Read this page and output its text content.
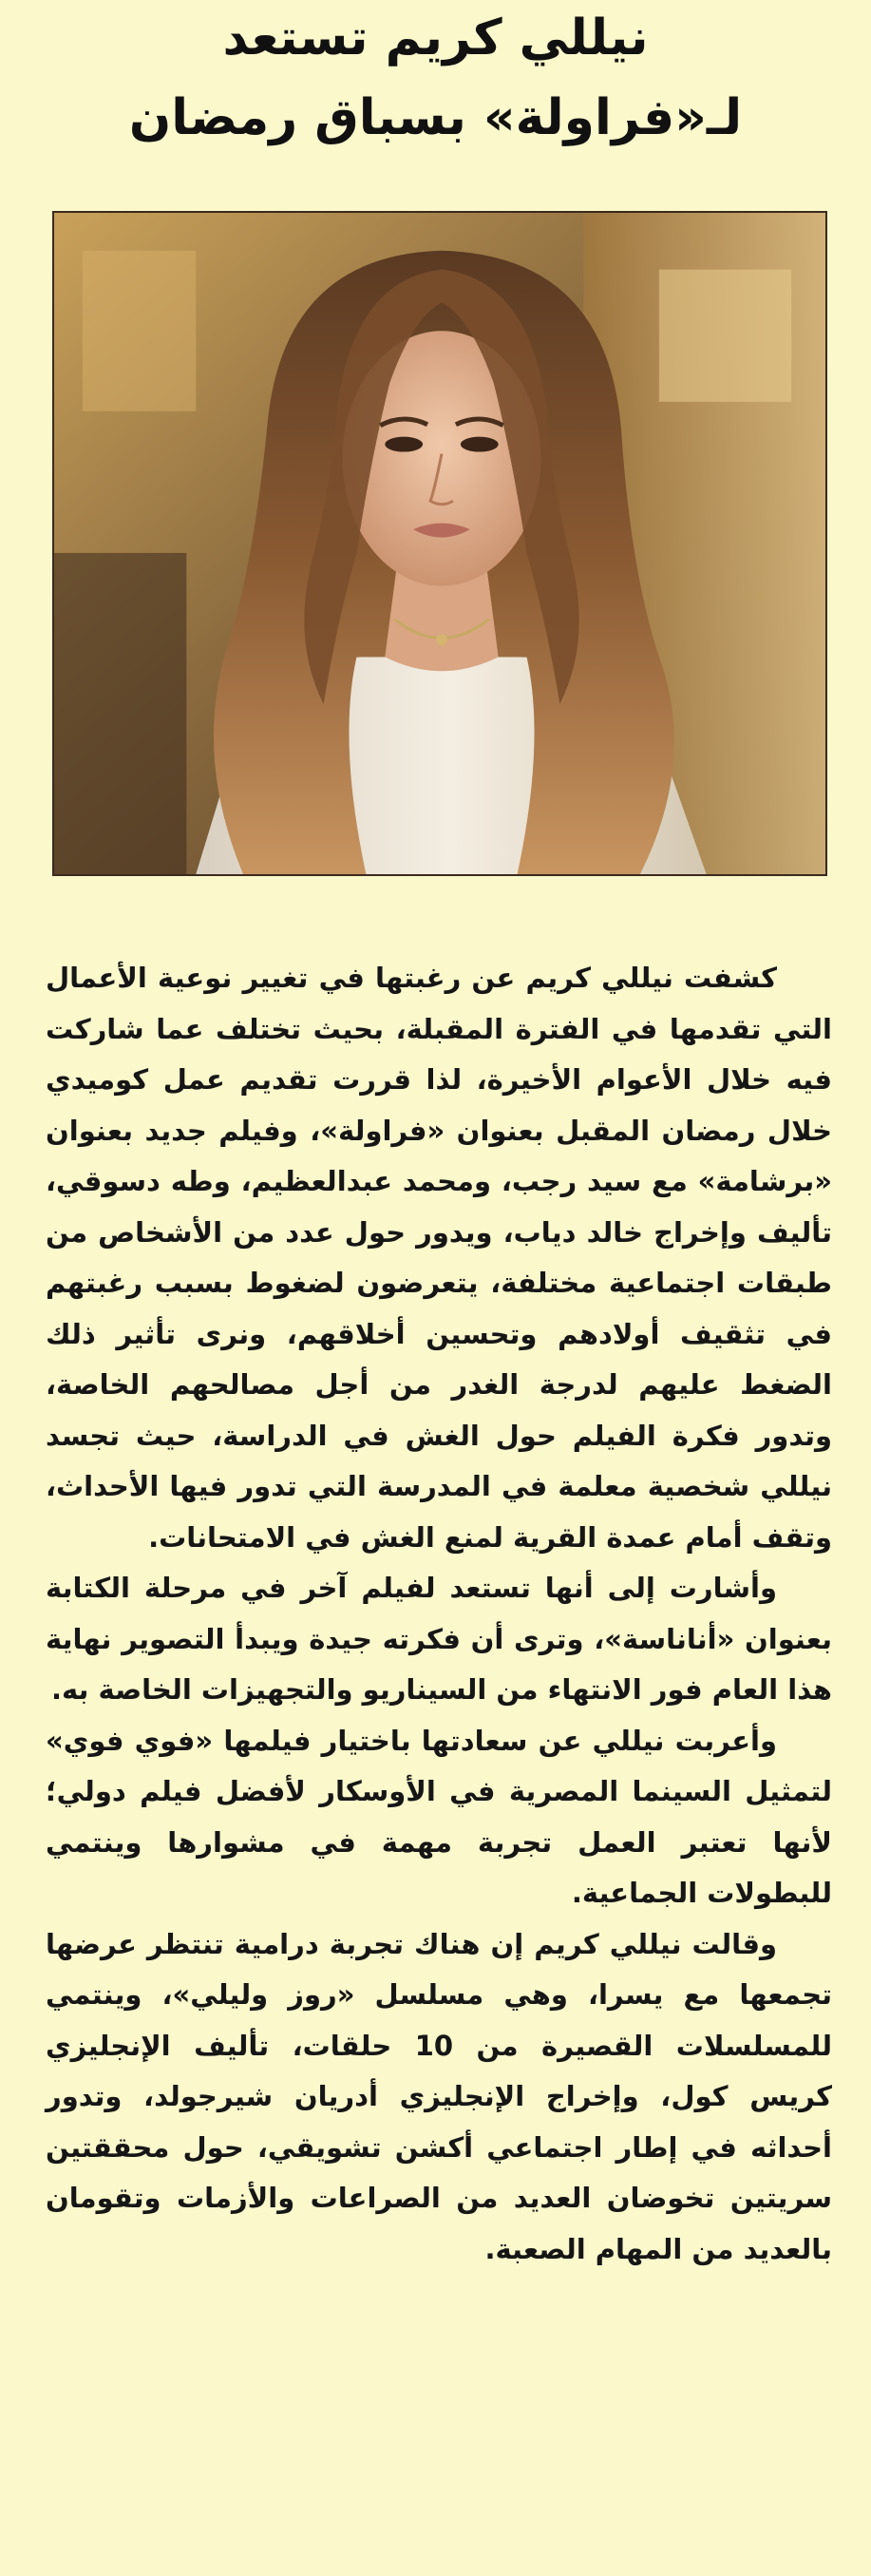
نيللي كريم تستعد
لـ«فراولة» بسباق رمضان

كشفت نيللي كريم عن رغبتها في تغيير نوعية الأعمال التي تقدمها في الفترة المقبلة، بحيث تختلف عما شاركت فيه خلال الأعوام الأخيرة، لذا قررت تقديم عمل كوميدي خلال رمضان المقبل بعنوان «فراولة»، وفيلم جديد بعنوان «برشامة» مع سيد رجب، ومحمد عبدالعظيم، وطه دسوقي، تأليف وإخراج خالد دياب، ويدور حول عدد من الأشخاص من طبقات اجتماعية مختلفة، يتعرضون لضغوط بسبب رغبتهم في تثقيف أولادهم وتحسين أخلاقهم، ونرى تأثير ذلك الضغط عليهم لدرجة الغدر من أجل مصالحهم الخاصة، وتدور فكرة الفيلم حول الغش في الدراسة، حيث تجسد نيللي شخصية معلمة في المدرسة التي تدور فيها الأحداث، وتقف أمام عمدة القرية لمنع الغش في الامتحانات.

وأشارت إلى أنها تستعد لفيلم آخر في مرحلة الكتابة بعنوان «أناناسة»، وترى أن فكرته جيدة ويبدأ التصوير نهاية هذا العام فور الانتهاء من السيناريو والتجهيزات الخاصة به.

وأعربت نيللي عن سعادتها باختيار فيلمها «فوي فوي» لتمثيل السينما المصرية في الأوسكار لأفضل فيلم دولي؛ لأنها تعتبر العمل تجربة مهمة في مشوارها وينتمي للبطولات الجماعية.

وقالت نيللي كريم إن هناك تجربة درامية تنتظر عرضها تجمعها مع يسرا، وهي مسلسل «روز وليلي»، وينتمي للمسلسلات القصيرة من 10 حلقات، تأليف الإنجليزي كريس كول، وإخراج الإنجليزي أدريان شيرجولد، وتدور أحداثه في إطار اجتماعي أكشن تشويقي، حول محققتين سريتين تخوضان العديد من الصراعات والأزمات وتقومان بالعديد من المهام الصعبة.
